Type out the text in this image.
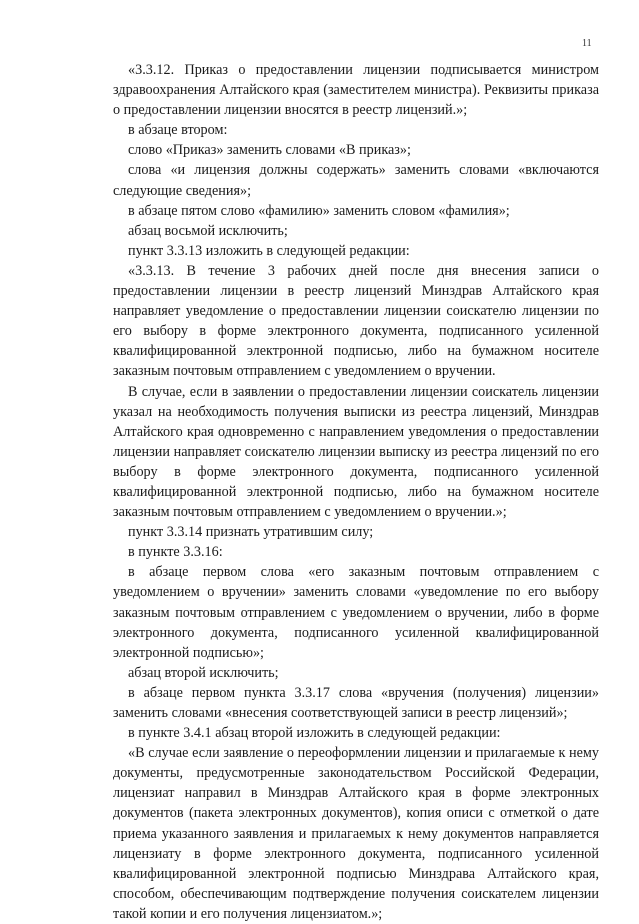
11

«3.3.12. Приказ о предоставлении лицензии подписывается министром здравоохранения Алтайского края (заместителем министра). Реквизиты приказа о предоставлении лицензии вносятся в реестр лицензий.»;

в абзаце втором:

слово «Приказ» заменить словами «В приказ»;

слова «и лицензия должны содержать» заменить словами «включаются следующие сведения»;

в абзаце пятом слово «фамилию» заменить словом «фамилия»;

абзац восьмой исключить;

пункт 3.3.13 изложить в следующей редакции:

«3.3.13. В течение 3 рабочих дней после дня внесения записи о предоставлении лицензии в реестр лицензий Минздрав Алтайского края направляет уведомление о предоставлении лицензии соискателю лицензии по его выбору в форме электронного документа, подписанного усиленной квалифицированной электронной подписью, либо на бумажном носителе заказным почтовым отправлением с уведомлением о вручении.

В случае, если в заявлении о предоставлении лицензии соискатель лицензии указал на необходимость получения выписки из реестра лицензий, Минздрав Алтайского края одновременно с направлением уведомления о предоставлении лицензии направляет соискателю лицензии выписку из реестра лицензий по его выбору в форме электронного документа, подписанного усиленной квалифицированной электронной подписью, либо на бумажном носителе заказным почтовым отправлением с уведомлением о вручении.»;

пункт 3.3.14 признать утратившим силу;

в пункте 3.3.16:

в абзаце первом слова «его заказным почтовым отправлением с уведомлением о вручении» заменить словами «уведомление по его выбору заказным почтовым отправлением с уведомлением о вручении, либо в форме электронного документа, подписанного усиленной квалифицированной электронной подписью»;

абзац второй исключить;

в абзаце первом пункта 3.3.17 слова «вручения (получения) лицензии» заменить словами «внесения соответствующей записи в реестр лицензий»;

в пункте 3.4.1 абзац второй изложить в следующей редакции:

«В случае если заявление о переоформлении лицензии и прилагаемые к нему документы, предусмотренные законодательством Российской Федерации, лицензиат направил в Минздрав Алтайского края в форме электронных документов (пакета электронных документов), копия описи с отметкой о дате приема указанного заявления и прилагаемых к нему документов направляется лицензиату в форме электронного документа, подписанного усиленной квалифицированной электронной подписью Минздрава Алтайского края, способом, обеспечивающим подтверждение получения соискателем лицензии такой копии и его получения лицензиатом.»;
